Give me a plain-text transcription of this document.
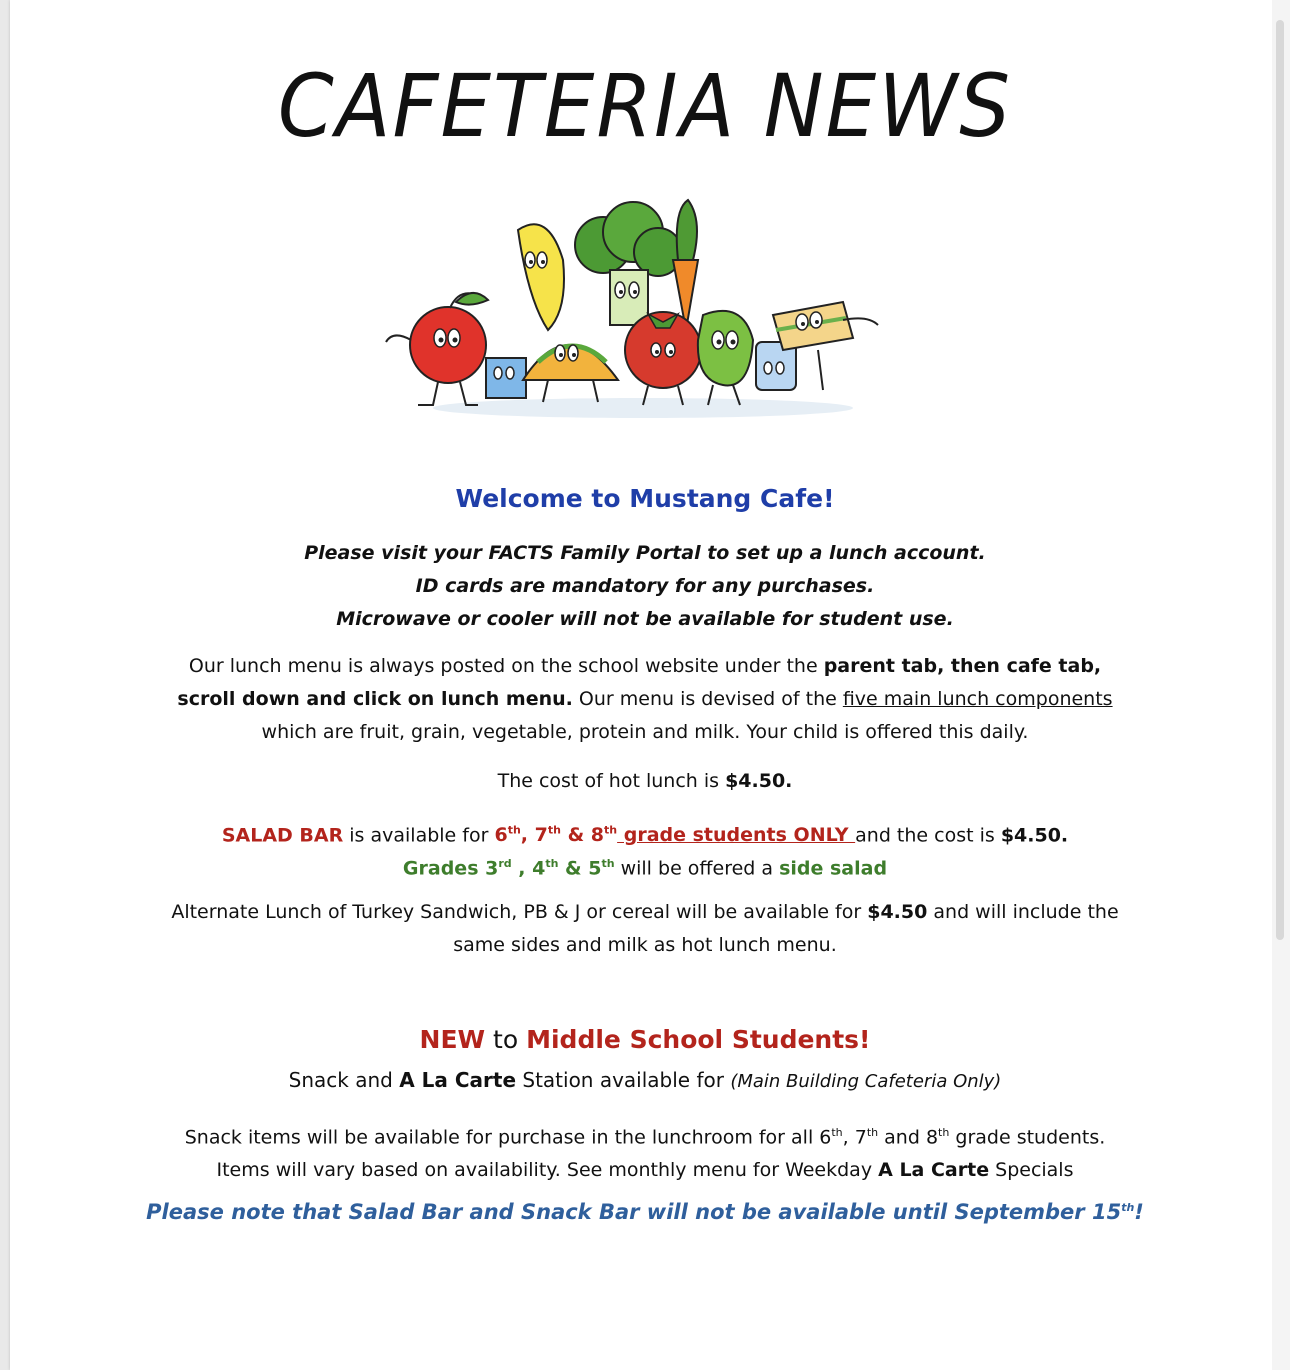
CAFETERIA NEWS
Welcome to Mustang Cafe!
Please visit your FACTS Family Portal to set up a lunch account.
ID cards are mandatory for any purchases.
Microwave or cooler will not be available for student use.
Our lunch menu is always posted on the school website under the parent tab, then cafe tab,
scroll down and click on lunch menu. Our menu is devised of the five main lunch components
which are fruit, grain, vegetable, protein and milk. Your child is offered this daily.
The cost of hot lunch is $4.50.
SALAD BAR is available for 6th, 7th & 8th grade students ONLY and the cost is $4.50.
Grades 3rd , 4th & 5th will be offered a side salad
Alternate Lunch of Turkey Sandwich, PB & J or cereal will be available for $4.50 and will include the
same sides and milk as hot lunch menu.
NEW to Middle School Students!
Snack and A La Carte Station available for (Main Building Cafeteria Only)
Snack items will be available for purchase in the lunchroom for all 6th, 7th and 8th grade students.
Items will vary based on availability. See monthly menu for Weekday A La Carte Specials
Please note that Salad Bar and Snack Bar will not be available until September 15th!
